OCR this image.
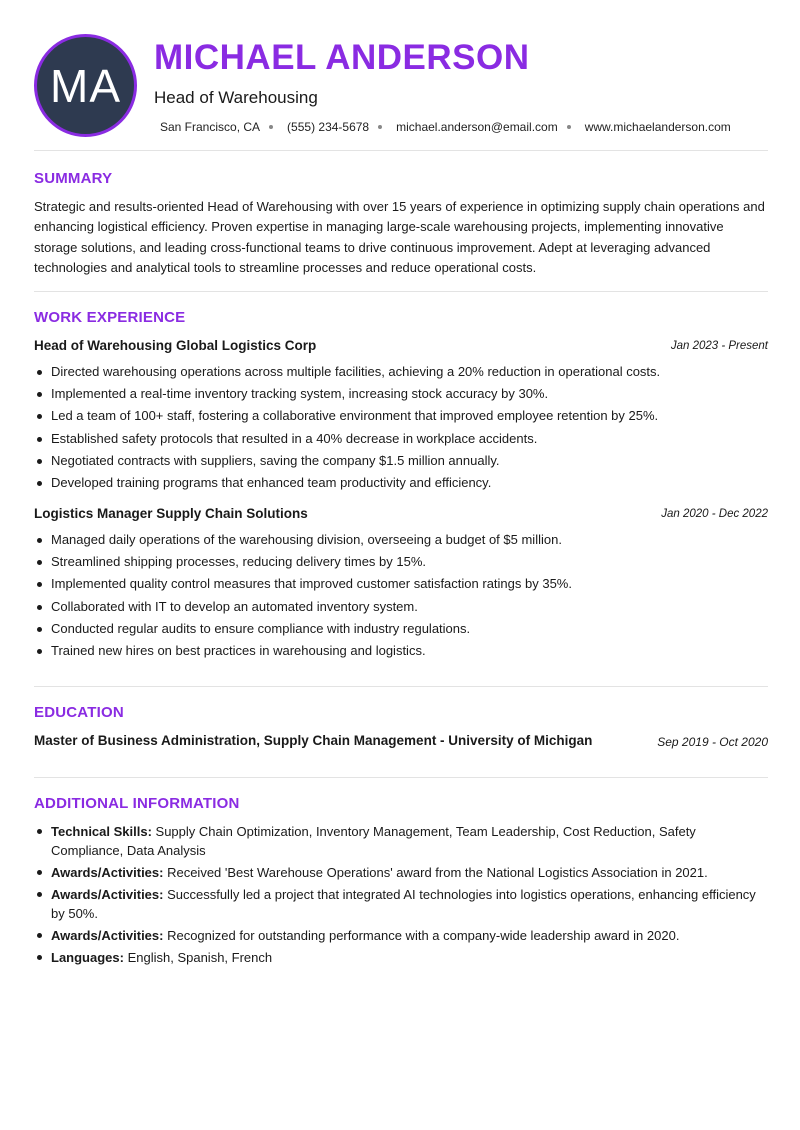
MA
MICHAEL ANDERSON
Head of Warehousing
San Francisco, CA (555) 234-5678 michael.anderson@email.com www.michaelanderson.com
SUMMARY

Strategic and results-oriented Head of Warehousing with over 15 years of experience in optimizing supply chain operations and enhancing logistical efficiency. Proven expertise in managing large-scale warehousing projects, implementing innovative storage solutions, and leading cross-functional teams to drive continuous improvement. Adept at leveraging advanced technologies and analytical tools to streamline processes and reduce operational costs.

WORK EXPERIENCE
Head of Warehousing Global Logistics Corp	Jan 2023 - Present
Directed warehousing operations across multiple facilities, achieving a 20% reduction in operational costs.
Implemented a real-time inventory tracking system, increasing stock accuracy by 30%.
Led a team of 100+ staff, fostering a collaborative environment that improved employee retention by 25%.
Established safety protocols that resulted in a 40% decrease in workplace accidents.
Negotiated contracts with suppliers, saving the company $1.5 million annually.
Developed training programs that enhanced team productivity and efficiency.
Logistics Manager Supply Chain Solutions	Jan 2020 - Dec 2022
Managed daily operations of the warehousing division, overseeing a budget of $5 million.
Streamlined shipping processes, reducing delivery times by 15%.
Implemented quality control measures that improved customer satisfaction ratings by 35%.
Collaborated with IT to develop an automated inventory system.
Conducted regular audits to ensure compliance with industry regulations.
Trained new hires on best practices in warehousing and logistics.
EDUCATION
Master of Business Administration, Supply Chain Management - University of Michigan	Sep 2019 - Oct 2020
ADDITIONAL INFORMATION
Technical Skills: Supply Chain Optimization, Inventory Management, Team Leadership, Cost Reduction, Safety Compliance, Data Analysis
Awards/Activities: Received 'Best Warehouse Operations' award from the National Logistics Association in 2021.
Awards/Activities: Successfully led a project that integrated AI technologies into logistics operations, enhancing efficiency by 50%.
Awards/Activities: Recognized for outstanding performance with a company-wide leadership award in 2020.
Languages: English, Spanish, French
